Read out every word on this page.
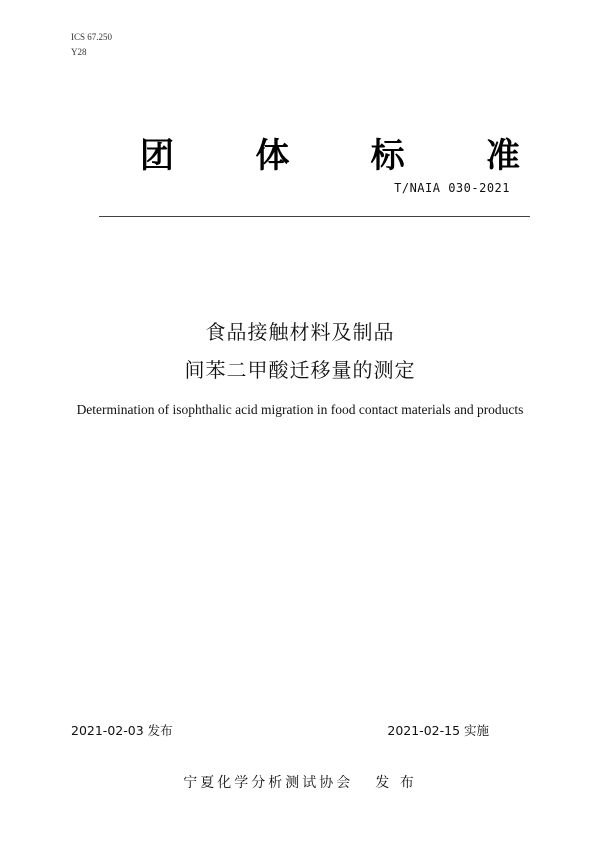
ICS 67.250
Y28
团 体 标 准
T/NAIA 030-2021
食品接触材料及制品
间苯二甲酸迁移量的测定
Determination of isophthalic acid migration in food contact materials and products
2021-02-03 发布	2021-02-15 实施
宁夏化学分析测试协会 发 布
